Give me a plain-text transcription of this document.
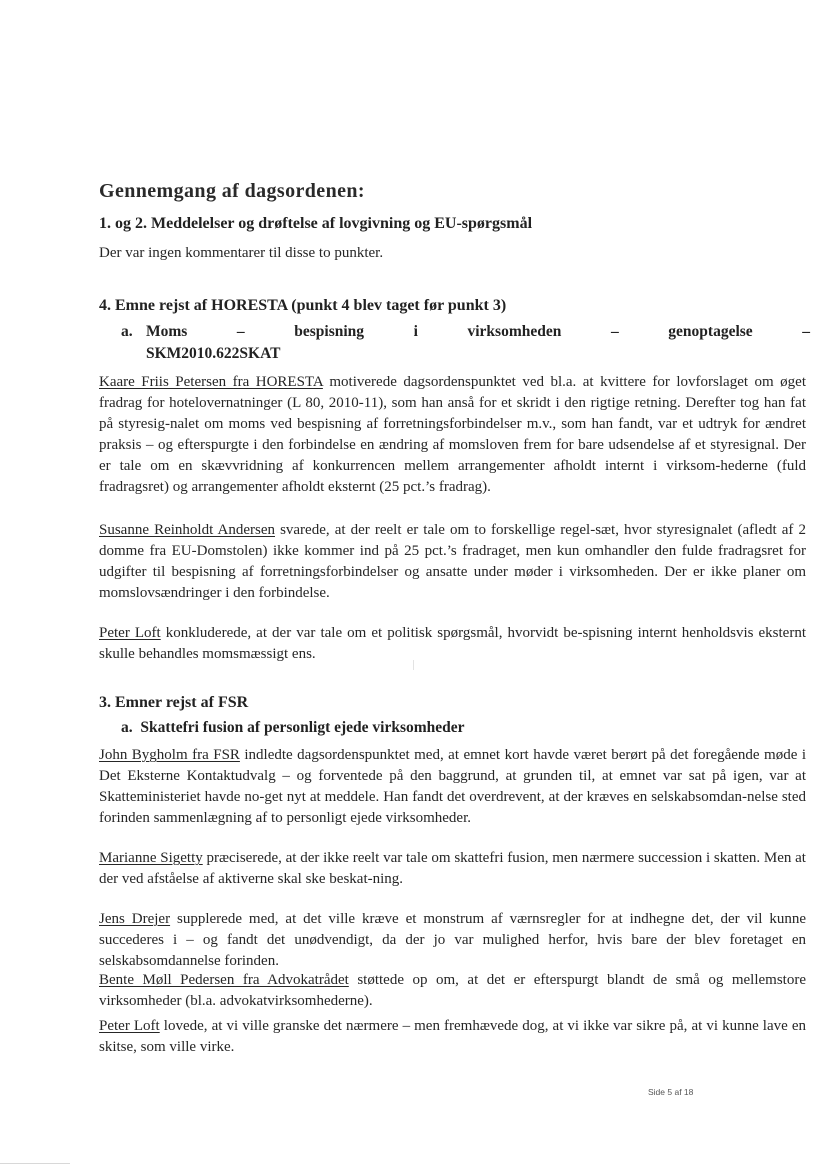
Gennemgang af dagsordenen:
1. og 2. Meddelelser og drøftelse af lovgivning og EU-spørgsmål
Der var ingen kommentarer til disse to punkter.
4. Emne rejst af HORESTA (punkt 4 blev taget før punkt 3)
a. Moms	–	bespisning	i	virksomheden	–	genoptagelse	–
SKM2010.622SKAT
Kaare Friis Petersen fra HORESTA motiverede dagsordenspunktet ved bl.a. at kvittere for lovforslaget om øget fradrag for hotelovernatninger (L 80, 2010-11), som han anså for et skridt i den rigtige retning. Derefter tog han fat på styresig-nalet om moms ved bespisning af forretningsforbindelser m.v., som han fandt, var et udtryk for ændret praksis – og efterspurgte i den forbindelse en ændring af momsloven frem for bare udsendelse af et styresignal. Der er tale om en skævvridning af konkurrencen mellem arrangementer afholdt internt i virksom-hederne (fuld fradragsret) og arrangementer afholdt eksternt (25 pct.’s fradrag).
Susanne Reinholdt Andersen svarede, at der reelt er tale om to forskellige regel-sæt, hvor styresignalet (afledt af 2 domme fra EU-Domstolen) ikke kommer ind på 25 pct.’s fradraget, men kun omhandler den fulde fradragsret for udgifter til bespisning af forretningsforbindelser og ansatte under møder i virksomheden. Der er ikke planer om momslovsændringer i den forbindelse.
Peter Loft konkluderede, at der var tale om et politisk spørgsmål, hvorvidt be-spisning internt henholdsvis eksternt skulle behandles momsmæssigt ens.
3. Emner rejst af FSR
a.  Skattefri fusion af personligt ejede virksomheder
John Bygholm fra FSR indledte dagsordenspunktet med, at emnet kort havde været berørt på det foregående møde i Det Eksterne Kontaktudvalg – og forventede på den baggrund, at grunden til, at emnet var sat på igen, var at Skatteministeriet havde no-get nyt at meddele. Han fandt det overdrevent, at der kræves en selskabsomdan-nelse sted forinden sammenlægning af to personligt ejede virksomheder.
Marianne Sigetty præciserede, at der ikke reelt var tale om skattefri fusion, men nærmere succession i skatten. Men at der ved afståelse af aktiverne skal ske beskat-ning.
Jens Drejer supplerede med, at det ville kræve et monstrum af værnsregler for at indhegne det, der vil kunne succederes i – og fandt det unødvendigt, da der jo var mulighed herfor, hvis bare der blev foretaget en selskabsomdannelse forinden.
Bente Møll Pedersen fra Advokatrådet støttede op om, at det er efterspurgt blandt de små og mellemstore virksomheder (bl.a. advokatvirksomhederne).
Peter Loft lovede, at vi ville granske det nærmere – men fremhævede dog, at vi ikke var sikre på, at vi kunne lave en skitse, som ville virke.
Side 5 af 18
